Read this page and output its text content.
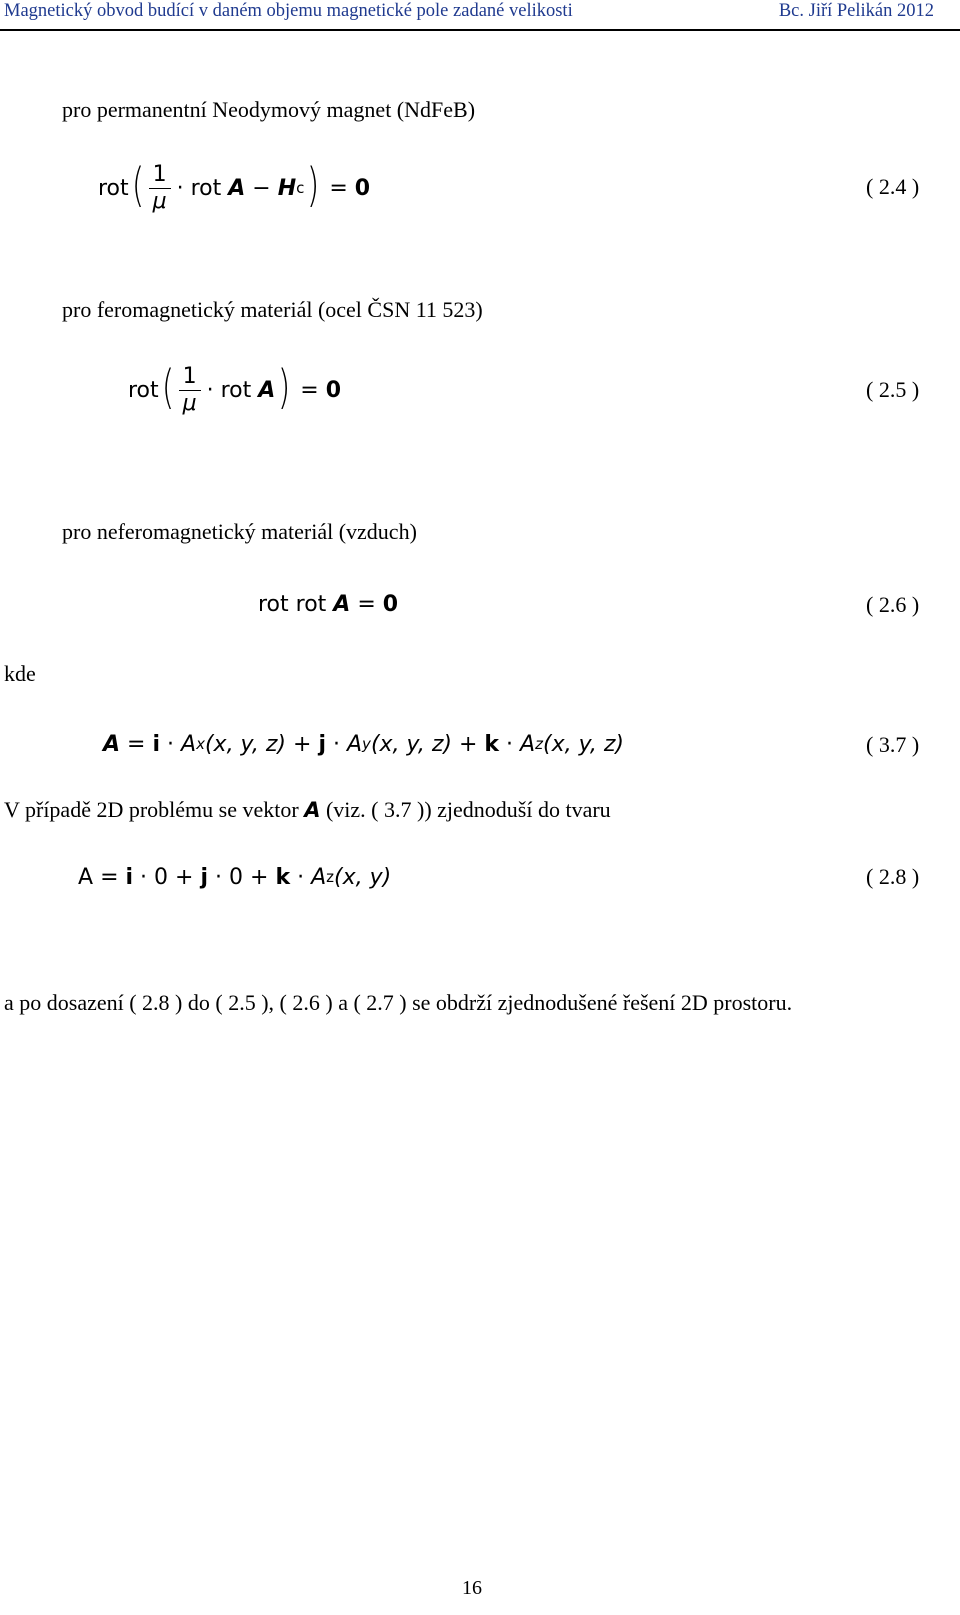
Magnetický obvod budící v daném objemu magnetické pole zadané velikosti	Bc. Jiří Pelikán 2012
pro permanentní Neodymový magnet (NdFeB)
rot ( $\frac{1}{\mu}$ · rot A − H c ) = 0	( 2.4 )
pro feromagnetický materiál (ocel ČSN 11 523)
rot ( $\frac{1}{\mu}$ · rot A ) = 0	( 2.5 )
pro neferomagnetický materiál (vzduch)
rot rot A = 0	( 2.6 )
kde
A = i · A x (x, y, z) + j · A y (x, y, z) + k · A z (x, y, z)	( 3.7 )
V případě 2D problému se vektor A (viz. ( 3.7 )) zjednoduší do tvaru
A = i · 0 + j · 0 + k · A z (x, y)	( 2.8 )
a po dosazení ( 2.8 ) do ( 2.5 ), ( 2.6 ) a ( 2.7 ) se obdrží zjednodušené řešení 2D prostoru.
16
